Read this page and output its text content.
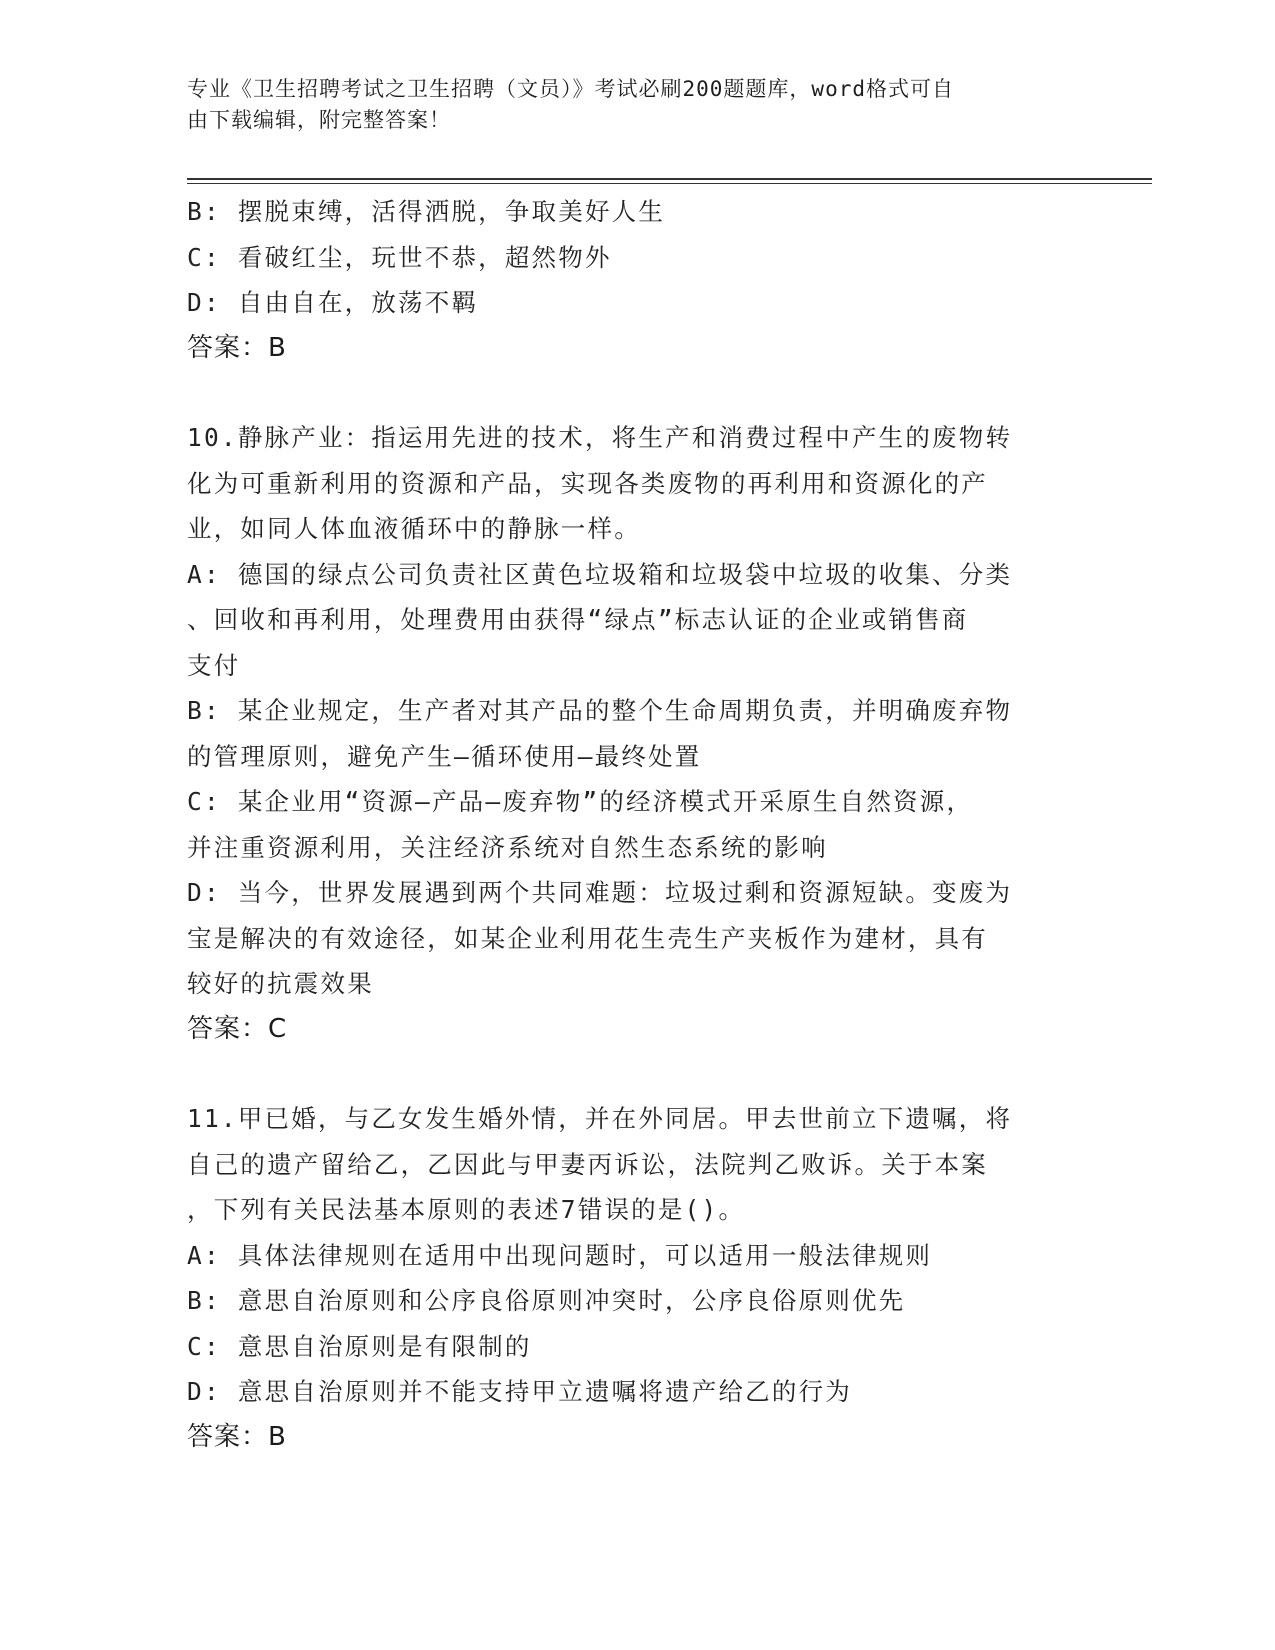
专业《卫生招聘考试之卫生招聘（文员）》考试必刷200题题库，word格式可自
由下载编辑，附完整答案！
B: 摆脱束缚，活得洒脱，争取美好人生
C: 看破红尘，玩世不恭，超然物外
D: 自由自在，放荡不羁
答案：B
10.静脉产业：指运用先进的技术，将生产和消费过程中产生的废物转
化为可重新利用的资源和产品，实现各类废物的再利用和资源化的产
业，如同人体血液循环中的静脉一样。
A: 德国的绿点公司负责社区黄色垃圾箱和垃圾袋中垃圾的收集、分类
、回收和再利用，处理费用由获得“绿点”标志认证的企业或销售商
支付
B: 某企业规定，生产者对其产品的整个生命周期负责，并明确废弃物
的管理原则，避免产生—循环使用—最终处置
C: 某企业用“资源—产品—废弃物”的经济模式开采原生自然资源，
并注重资源利用，关注经济系统对自然生态系统的影响
D: 当今，世界发展遇到两个共同难题：垃圾过剩和资源短缺。变废为
宝是解决的有效途径，如某企业利用花生壳生产夹板作为建材，具有
较好的抗震效果
答案：C
11.甲已婚，与乙女发生婚外情，并在外同居。甲去世前立下遗嘱，将
自己的遗产留给乙，乙因此与甲妻丙诉讼，法院判乙败诉。关于本案
，下列有关民法基本原则的表述7错误的是()。
A: 具体法律规则在适用中出现问题时，可以适用一般法律规则
B: 意思自治原则和公序良俗原则冲突时，公序良俗原则优先
C: 意思自治原则是有限制的
D: 意思自治原则并不能支持甲立遗嘱将遗产给乙的行为
答案：B
